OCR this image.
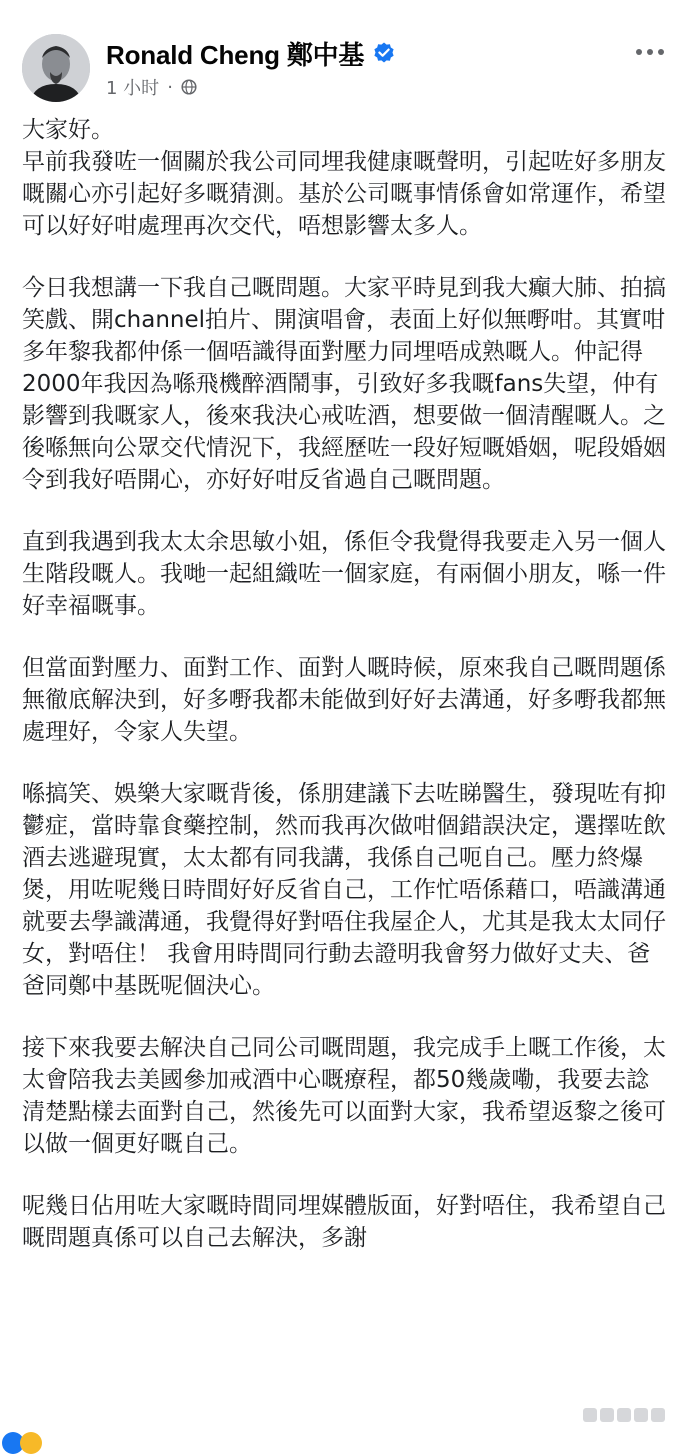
Ronald Cheng 鄭中基
1 小时 ·

大家好。
早前我發咗一個關於我公司同埋我健康嘅聲明，引起咗好多朋友嘅關心亦引起好多嘅猜測。基於公司嘅事情係會如常運作，希望可以好好咁處理再次交代，唔想影響太多人。

今日我想講一下我自己嘅問題。大家平時見到我大癲大肺、拍搞笑戲、開channel拍片、開演唱會，表面上好似無嘢咁。其實咁多年黎我都仲係一個唔識得面對壓力同埋唔成熟嘅人。仲記得2000年我因為喺飛機醉酒鬧事，引致好多我嘅fans失望，仲有影響到我嘅家人，後來我決心戒咗酒，想要做一個清醒嘅人。之後喺無向公眾交代情況下，我經歷咗一段好短嘅婚姻，呢段婚姻令到我好唔開心，亦好好咁反省過自己嘅問題。

直到我遇到我太太余思敏小姐，係佢令我覺得我要走入另一個人生階段嘅人。我哋一起組織咗一個家庭，有兩個小朋友，喺一件好幸福嘅事。

但當面對壓力、面對工作、面對人嘅時候，原來我自己嘅問題係無徹底解決到，好多嘢我都未能做到好好去溝通，好多嘢我都無處理好，令家人失望。

喺搞笑、娛樂大家嘅背後，係朋建議下去咗睇醫生，發現咗有抑鬱症，當時靠食藥控制，然而我再次做咁個錯誤決定，選擇咗飲酒去逃避現實，太太都有同我講，我係自己呃自己。壓力終爆煲，用咗呢幾日時間好好反省自己，工作忙唔係藉口，唔識溝通就要去學識溝通，我覺得好對唔住我屋企人，尤其是我太太同仔女，對唔住！ 我會用時間同行動去證明我會努力做好丈夫、爸爸同鄭中基既呢個決心。

接下來我要去解決自己同公司嘅問題，我完成手上嘅工作後，太太會陪我去美國參加戒酒中心嘅療程，都50幾歲嘞，我要去諗清楚點樣去面對自己，然後先可以面對大家，我希望返黎之後可以做一個更好嘅自己。

呢幾日佔用咗大家嘅時間同埋媒體版面，好對唔住，我希望自己嘅問題真係可以自己去解決，多謝
